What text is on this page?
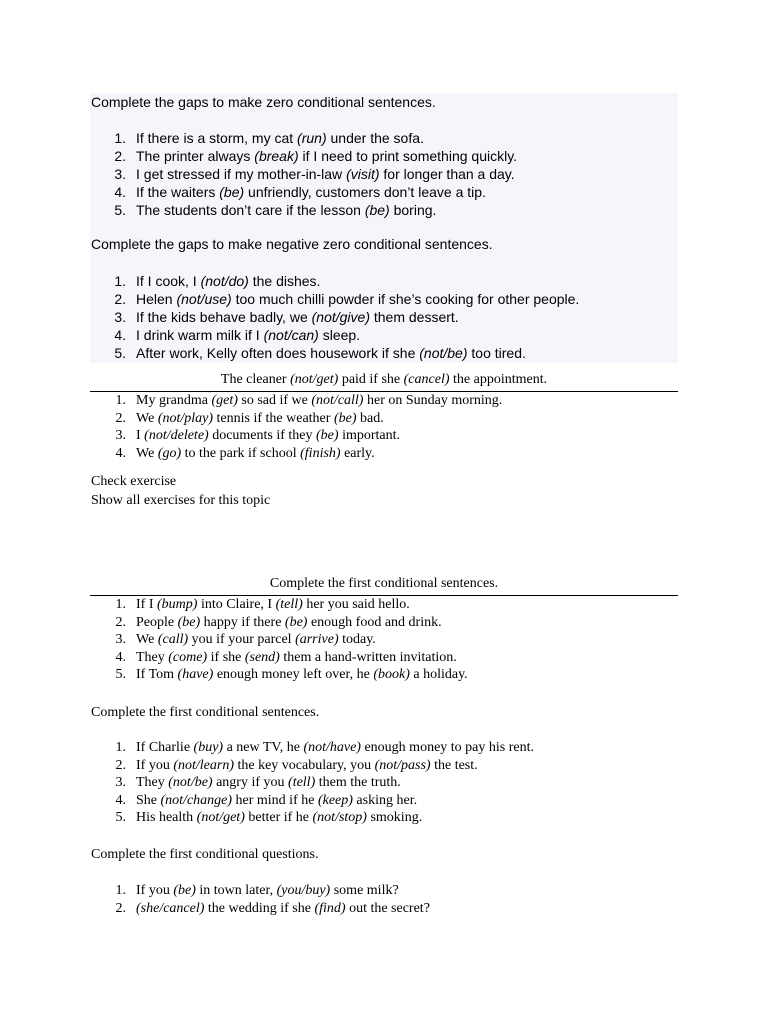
Complete the gaps to make zero conditional sentences.
1. If there is a storm, my cat (run) under the sofa.
2. The printer always (break) if I need to print something quickly.
3. I get stressed if my mother-in-law (visit) for longer than a day.
4. If the waiters (be) unfriendly, customers don’t leave a tip.
5. The students don’t care if the lesson (be) boring.
Complete the gaps to make negative zero conditional sentences.
1. If I cook, I (not/do) the dishes.
2. Helen (not/use) too much chilli powder if she’s cooking for other people.
3. If the kids behave badly, we (not/give) them dessert.
4. I drink warm milk if I (not/can) sleep.
5. After work, Kelly often does housework if she (not/be) too tired.
The cleaner (not/get) paid if she (cancel) the appointment.
1. My grandma (get) so sad if we (not/call) her on Sunday morning.
2. We (not/play) tennis if the weather (be) bad.
3. I (not/delete) documents if they (be) important.
4. We (go) to the park if school (finish) early.

Check exercise

Show all exercises for this topic

Complete the first conditional sentences.
1. If I (bump) into Claire, I (tell) her you said hello.
2. People (be) happy if there (be) enough food and drink.
3. We (call) you if your parcel (arrive) today.
4. They (come) if she (send) them a hand-written invitation.
5. If Tom (have) enough money left over, he (book) a holiday.
Complete the first conditional sentences.
1. If Charlie (buy) a new TV, he (not/have) enough money to pay his rent.
2. If you (not/learn) the key vocabulary, you (not/pass) the test.
3. They (not/be) angry if you (tell) them the truth.
4. She (not/change) her mind if he (keep) asking her.
5. His health (not/get) better if he (not/stop) smoking.
Complete the first conditional questions.
1. If you (be) in town later, (you/buy) some milk?
2. (she/cancel) the wedding if she (find) out the secret?
